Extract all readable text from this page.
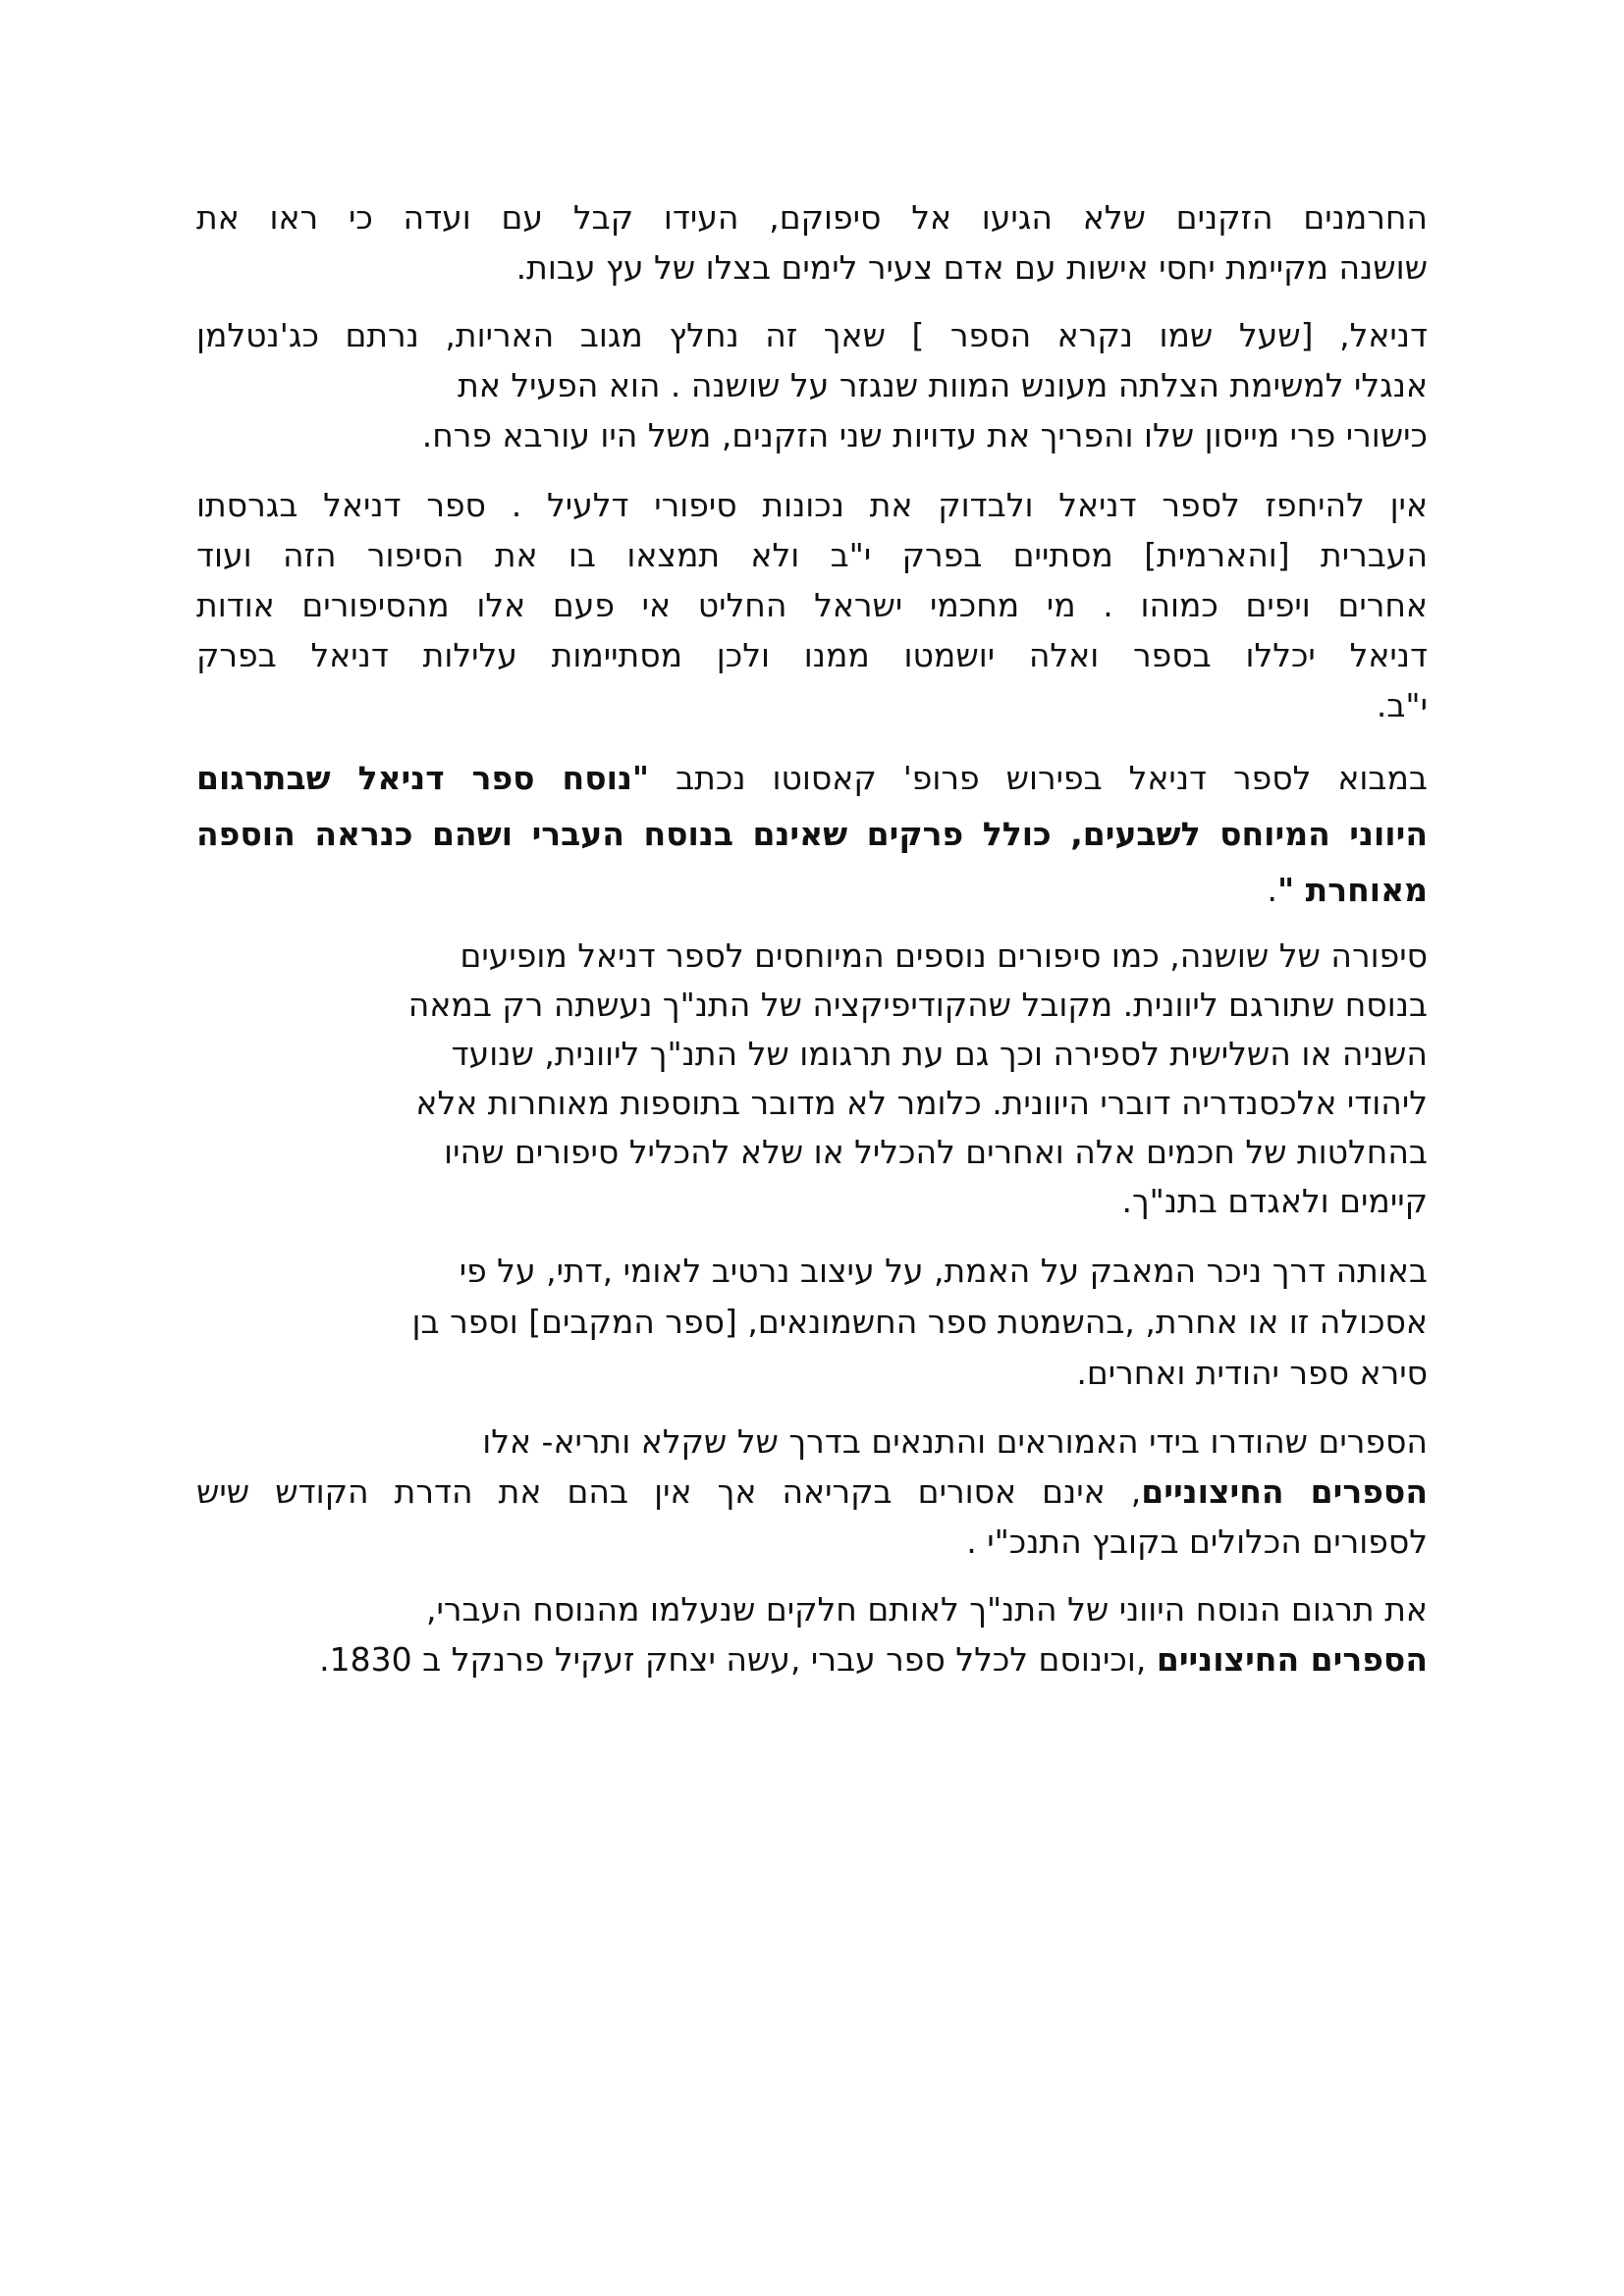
החרמנים הזקנים שלא הגיעו אל סיפוקם, העידו קבל עם ועדה כי ראו את
שושנה מקיימת יחסי אישות עם אדם צעיר לימים בצלו של עץ עבות.

דניאל, [שעל שמו נקרא הספר ] שאך זה נחלץ מגוב האריות, נרתם כג'נטלמן
אנגלי למשימת הצלתה מעונש המוות שנגזר על שושנה . הוא הפעיל את
כישורי פרי מייסון שלו והפריך את עדויות שני הזקנים, משל היו עורבא פרח.

אין להיחפז לספר דניאל ולבדוק את נכונות סיפורי דלעיל . ספר דניאל בגרסתו
העברית [והארמית] מסתיים בפרק י"ב ולא תמצאו בו את הסיפור הזה ועוד
אחרים ויפים כמוהו . מי מחכמי ישראל החליט אי פעם אלו מהסיפורים אודות
דניאל יכללו בספר ואלה יושמטו ממנו ולכן מסתיימות עלילות דניאל בפרק
י"ב.

במבוא לספר דניאל בפירוש פרופ' קאסוטו נכתב "נוסח ספר דניאל שבתרגום
היווני המיוחס לשבעים, כולל פרקים שאינם בנוסח העברי ושהם כנראה הוספה
מאוחרת ".

סיפורה של שושנה, כמו סיפורים נוספים המיוחסים לספר דניאל מופיעים
בנוסח שתורגם ליוונית. מקובל שהקודיפיקציה של התנ"ך נעשתה רק במאה
השניה או השלישית לספירה וכך גם עת תרגומו של התנ"ך ליוונית, שנועד
ליהודי אלכסנדריה דוברי היוונית. כלומר לא מדובר בתוספות מאוחרות אלא
בהחלטות של חכמים אלה ואחרים להכליל או שלא להכליל סיפורים שהיו
קיימים ולאגדם בתנ"ך.

באותה דרך ניכר המאבק על האמת, על עיצוב נרטיב לאומי ,דתי, על פי
אסכולה זו או אחרת, ,בהשמטת ספר החשמונאים, [ספר המקבים] וספר בן
סירא ספר יהודית ואחרים.

הספרים שהודרו בידי האמוראים והתנאים בדרך של שקלא ותריא- אלו
הספרים החיצוניים, אינם אסורים בקריאה אך אין בהם את הדרת הקודש שיש
לספורים הכלולים בקובץ התנכ"י .

את תרגום הנוסח היווני של התנ"ך לאותם חלקים שנעלמו מהנוסח העברי,
הספרים החיצוניים ,וכינוסם לכלל ספר עברי ,עשה יצחק זעקיל פרנקל ב 1830.
